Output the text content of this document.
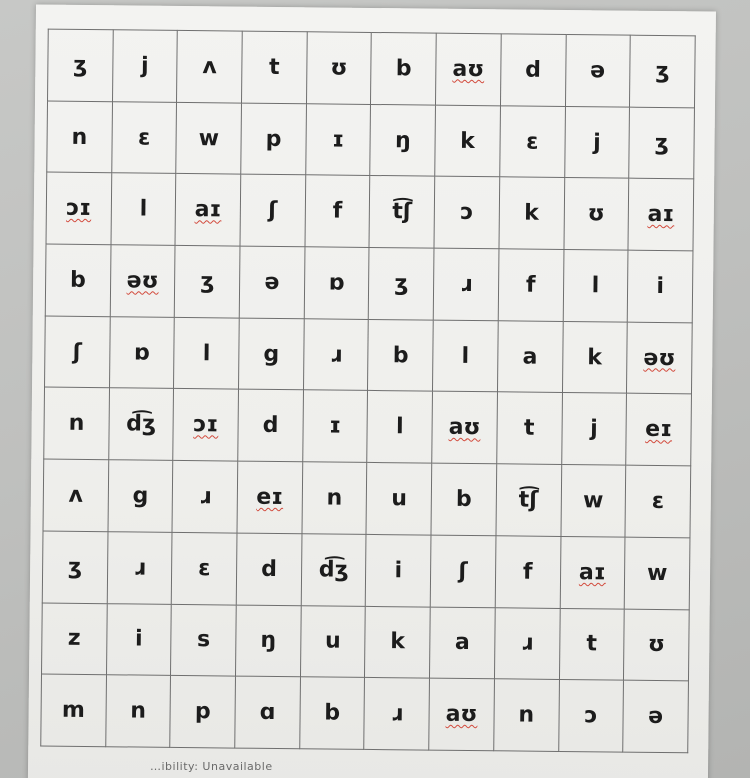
ʒ	j	ʌ	t	ʊ	b	aʊ	d	ə	ʒ
n	ɛ	w	p	ɪ	ŋ	k	ɛ	j	ʒ
ɔɪ	l	aɪ	ʃ	f	t͡ʃ	ɔ	k	ʊ	aɪ
b	əʊ	ʒ	ə	ɒ	ʒ	ɹ	f	l	i
ʃ	ɒ	l	g	ɹ	b	l	a	k	əʊ
n	d͡ʒ	ɔɪ	d	ɪ	l	aʊ	t	j	eɪ
ʌ	g	ɹ	eɪ	n	u	b	t͡ʃ	w	ɛ
ʒ	ɹ	ɛ	d	d͡ʒ	i	ʃ	f	aɪ	w
z	i	s	ŋ	u	k	a	ɹ	t	ʊ
m	n	p	ɑ	b	ɹ	aʊ	n	ɔ	ə
…ibility: Unavailable
